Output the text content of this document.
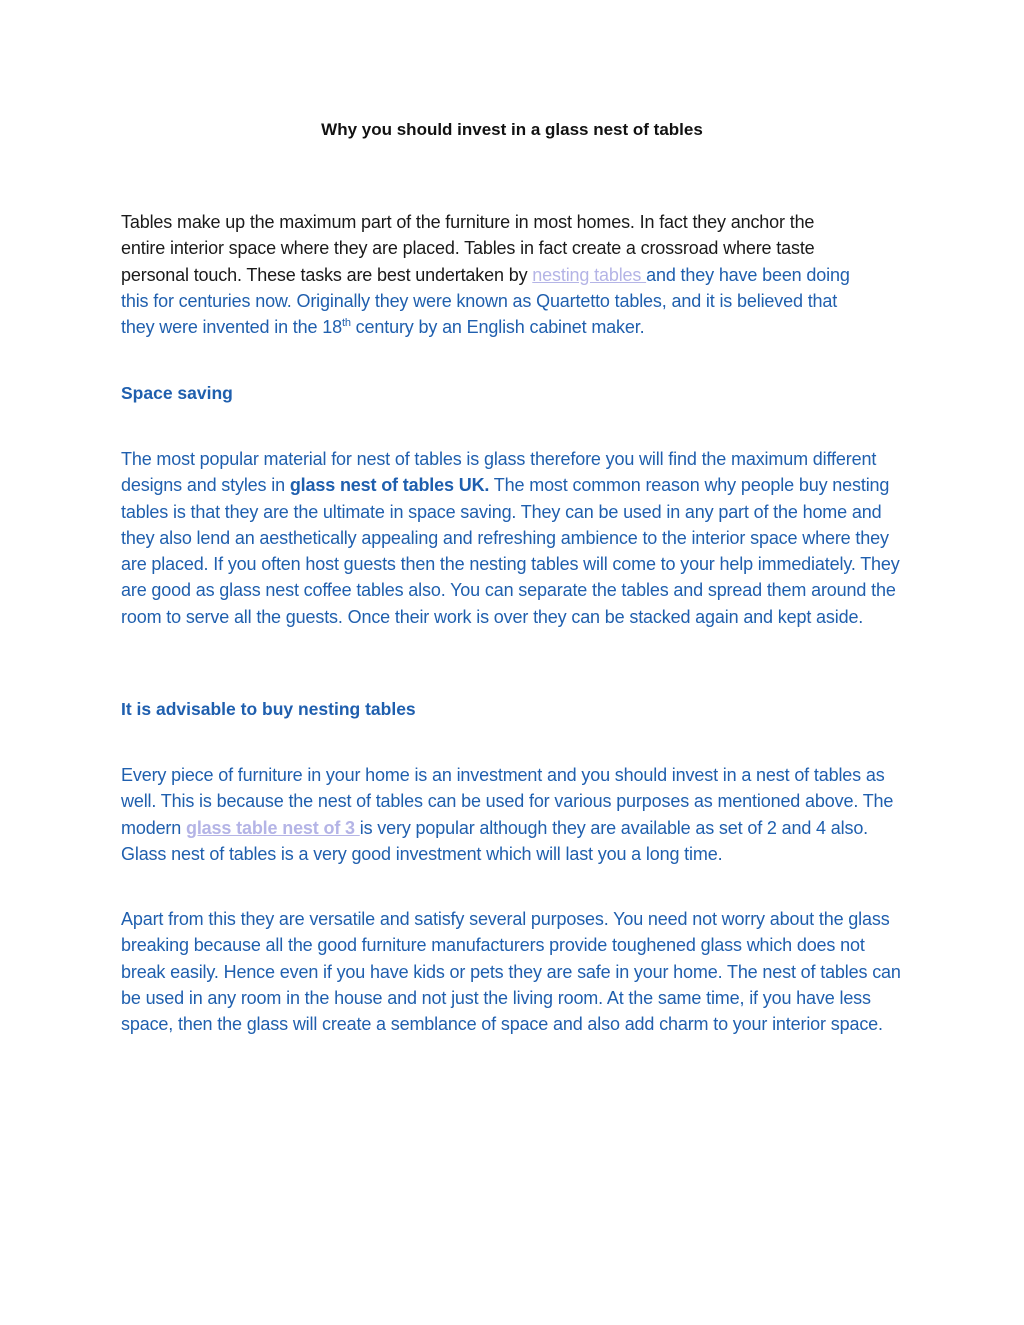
Why you should invest in a glass nest of tables
Tables make up the maximum part of the furniture in most homes. In fact they anchor the
entire interior space where they are placed. Tables in fact create a crossroad where taste
personal touch. These tasks are best undertaken by nesting tables and they have been doing
this for centuries now. Originally they were known as Quartetto tables, and it is believed that
they were invented in the 18th century by an English cabinet maker.
Space saving
The most popular material for nest of tables is glass therefore you will find the maximum different designs and styles in glass nest of tables UK. The most common reason why people buy nesting tables is that they are the ultimate in space saving. They can be used in any part of the home and they also lend an aesthetically appealing and refreshing ambience to the interior space where they are placed. If you often host guests then the nesting tables will come to your help immediately. They are good as glass nest coffee tables also. You can separate the tables and spread them around the room to serve all the guests. Once their work is over they can be stacked again and kept aside.
It is advisable to buy nesting tables
Every piece of furniture in your home is an investment and you should invest in a nest of tables as well. This is because the nest of tables can be used for various purposes as mentioned above. The modern glass table nest of 3 is very popular although they are available as set of 2 and 4 also. Glass nest of tables is a very good investment which will last you a long time.
Apart from this they are versatile and satisfy several purposes. You need not worry about the glass breaking because all the good furniture manufacturers provide toughened glass which does not break easily. Hence even if you have kids or pets they are safe in your home. The nest of tables can be used in any room in the house and not just the living room. At the same time, if you have less space, then the glass will create a semblance of space and also add charm to your interior space.
